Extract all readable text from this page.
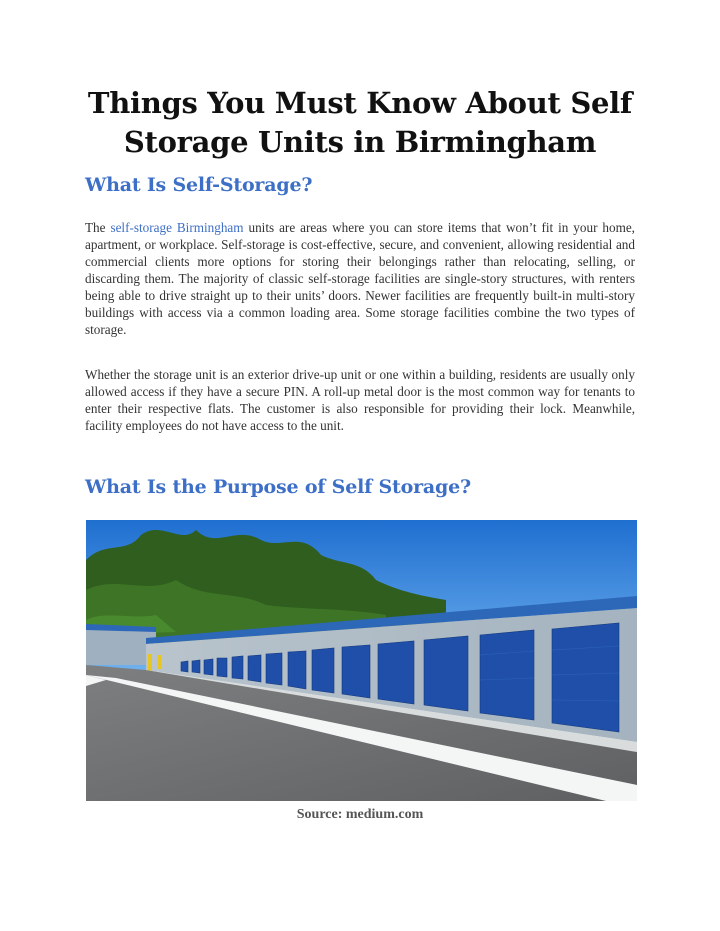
Things You Must Know About Self Storage Units in Birmingham
What Is Self-Storage?

The self-storage Birmingham units are areas where you can store items that won’t fit in your home, apartment, or workplace. Self-storage is cost-effective, secure, and convenient, allowing residential and commercial clients more options for storing their belongings rather than relocating, selling, or discarding them. The majority of classic self-storage facilities are single-story structures, with renters being able to drive straight up to their units’ doors. Newer facilities are frequently built-in multi-story buildings with access via a common loading area. Some storage facilities combine the two types of storage.

Whether the storage unit is an exterior drive-up unit or one within a building, residents are usually only allowed access if they have a secure PIN. A roll-up metal door is the most common way for tenants to enter their respective flats. The customer is also responsible for providing their lock. Meanwhile, facility employees do not have access to the unit.

What Is the Purpose of Self Storage?

Source: medium.com
